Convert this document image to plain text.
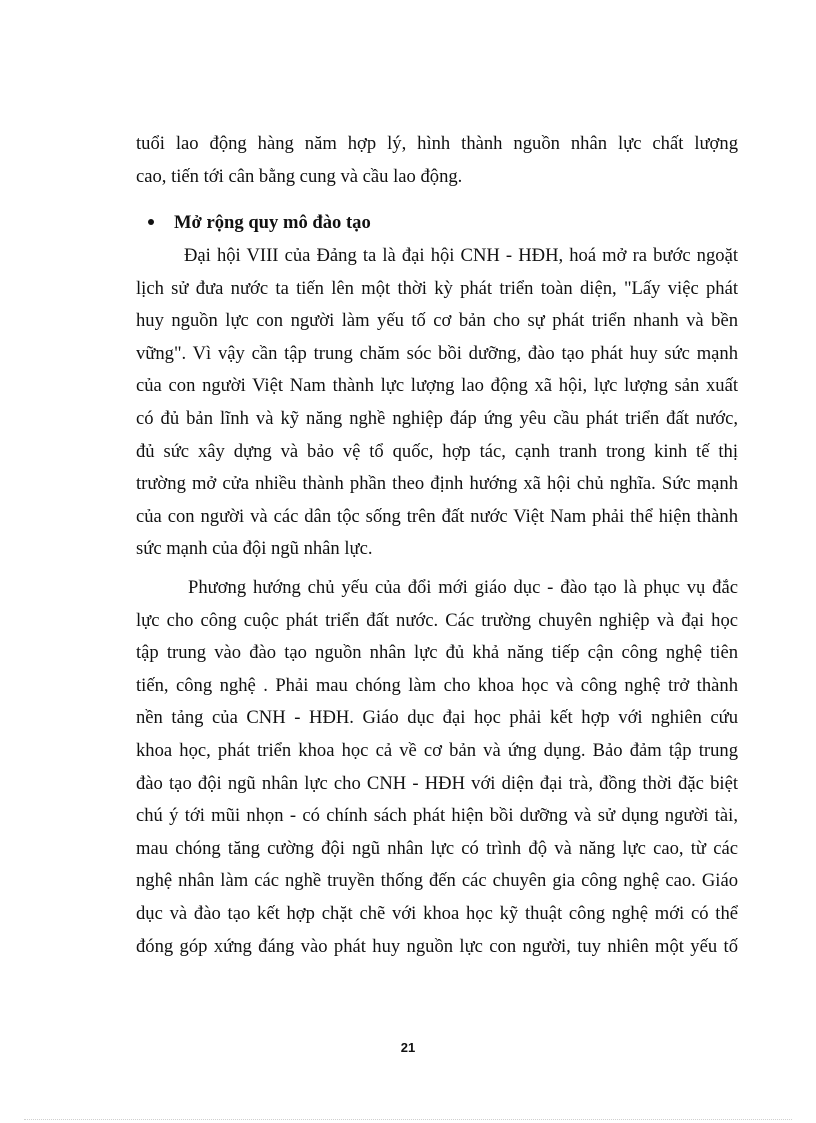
tuổi lao động hàng năm hợp lý, hình thành nguồn nhân lực chất lượng
cao, tiến tới cân bằng cung và cầu lao động.
Mở rộng quy mô đào tạo
Đại hội VIII của Đảng ta là đại hội CNH - HĐH, hoá mở ra bước ngoặt
lịch sử đưa nước ta tiến lên một thời kỳ phát triển toàn diện, "Lấy việc phát
huy nguồn lực con người làm yếu tố cơ bản cho sự phát triển nhanh và bền
vững". Vì vậy cần tập trung chăm sóc bồi dưỡng, đào tạo phát huy sức mạnh
của con người Việt Nam thành lực lượng lao động xã hội, lực lượng sản xuất
có đủ bản lĩnh và kỹ năng nghề nghiệp đáp ứng yêu cầu phát triển đất nước,
đủ sức xây dựng và bảo vệ tổ quốc, hợp tác, cạnh tranh trong kinh tế thị
trường mở cửa nhiều thành phần theo định hướng xã hội chủ nghĩa. Sức mạnh
của con người và các dân tộc sống trên đất nước Việt Nam phải thể hiện thành
sức mạnh của đội ngũ nhân lực.
Phương hướng chủ yếu của đổi mới giáo dục - đào tạo là phục vụ đắc
lực cho công cuộc phát triển đất nước. Các trường chuyên nghiệp và đại học
tập trung vào đào tạo nguồn nhân lực đủ khả năng tiếp cận công nghệ tiên
tiến, công nghệ . Phải mau chóng làm cho khoa học và công nghệ trở thành
nền tảng của CNH - HĐH. Giáo dục đại học phải kết hợp với nghiên cứu
khoa học, phát triển khoa học cả về cơ bản và ứng dụng. Bảo đảm tập trung
đào tạo đội ngũ nhân lực cho CNH - HĐH với diện đại trà, đồng thời đặc biệt
chú ý tới mũi nhọn - có chính sách phát hiện bồi dưỡng và sử dụng người tài,
mau chóng tăng cường đội ngũ nhân lực có trình độ và năng lực cao, từ các
nghệ nhân làm các nghề truyền thống đến các chuyên gia công nghệ cao. Giáo
dục và đào tạo kết hợp chặt chẽ với khoa học kỹ thuật công nghệ mới có thể
đóng góp xứng đáng vào phát huy nguồn lực con người, tuy nhiên một yếu tố
21
